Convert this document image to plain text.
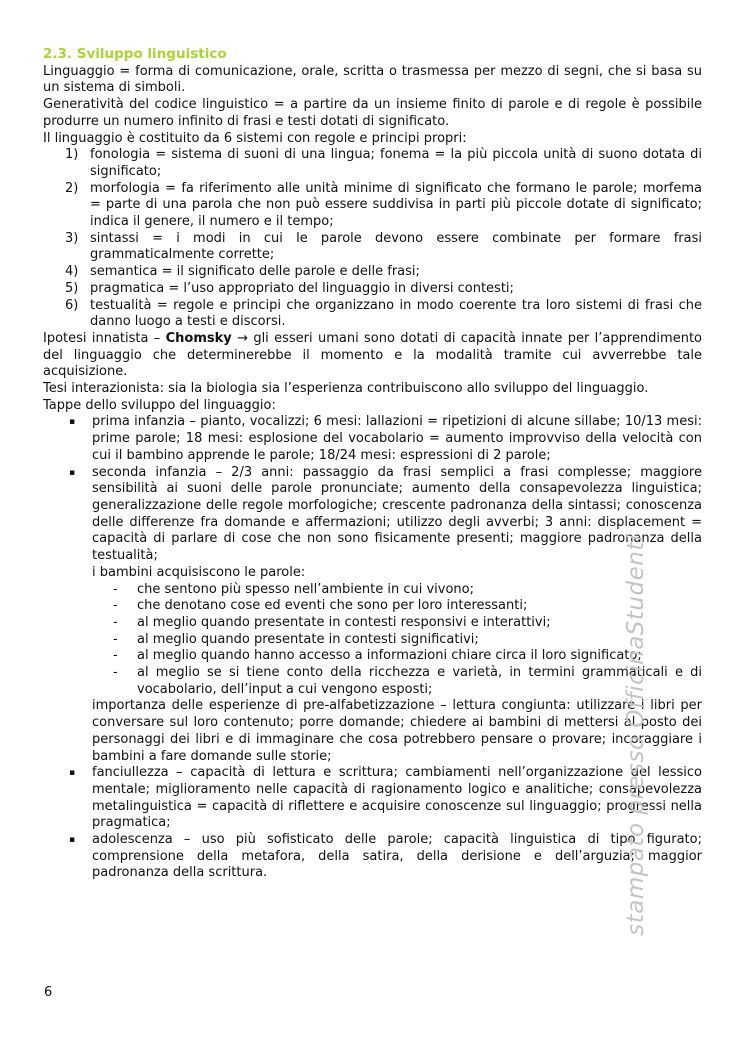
2.3. Sviluppo linguistico

Linguaggio = forma di comunicazione, orale, scritta o trasmessa per mezzo di segni, che si basa su un sistema di simboli.

Generatività del codice linguistico = a partire da un insieme finito di parole e di regole è possibile produrre un numero infinito di frasi e testi dotati di significato.

Il linguaggio è costituito da 6 sistemi con regole e principi propri:

1) fonologia = sistema di suoni di una lingua; fonema = la più piccola unità di suono dotata di significato;
2) morfologia = fa riferimento alle unità minime di significato che formano le parole; morfema = parte di una parola che non può essere suddivisa in parti più piccole dotate di significato; indica il genere, il numero e il tempo;
3) sintassi = i modi in cui le parole devono essere combinate per formare frasi grammaticalmente corrette;
4) semantica = il significato delle parole e delle frasi;
5) pragmatica = l’uso appropriato del linguaggio in diversi contesti;
6) testualità = regole e principi che organizzano in modo coerente tra loro sistemi di frasi che danno luogo a testi e discorsi.

Ipotesi innatista – Chomsky → gli esseri umani sono dotati di capacità innate per l’apprendimento del linguaggio che determinerebbe il momento e la modalità tramite cui avverrebbe tale acquisizione.

Tesi interazionista: sia la biologia sia l’esperienza contribuiscono allo sviluppo del linguaggio.

Tappe dello sviluppo del linguaggio:

▪ prima infanzia – pianto, vocalizzi; 6 mesi: lallazioni = ripetizioni di alcune sillabe; 10/13 mesi: prime parole; 18 mesi: esplosione del vocabolario = aumento improvviso della velocità con cui il bambino apprende le parole; 18/24 mesi: espressioni di 2 parole;
▪ seconda infanzia – 2/3 anni: passaggio da frasi semplici a frasi complesse; maggiore sensibilità ai suoni delle parole pronunciate; aumento della consapevolezza linguistica; generalizzazione delle regole morfologiche; crescente padronanza della sintassi; conoscenza delle differenze fra domande e affermazioni; utilizzo degli avverbi; 3 anni: displacement = capacità di parlare di cose che non sono fisicamente presenti; maggiore padronanza della testualità;

i bambini acquisiscono le parole:

- che sentono più spesso nell’ambiente in cui vivono;
- che denotano cose ed eventi che sono per loro interessanti;
- al meglio quando presentate in contesti responsivi e interattivi;
- al meglio quando presentate in contesti significativi;
- al meglio quando hanno accesso a informazioni chiare circa il loro significato;
- al meglio se si tiene conto della ricchezza e varietà, in termini grammaticali e di vocabolario, dell’input a cui vengono esposti;

importanza delle esperienze di pre-alfabetizzazione – lettura congiunta: utilizzare i libri per conversare sul loro contenuto; porre domande; chiedere ai bambini di mettersi al posto dei personaggi dei libri e di immaginare che cosa potrebbero pensare o provare; incoraggiare i bambini a fare domande sulle storie;

▪ fanciullezza – capacità di lettura e scrittura; cambiamenti nell’organizzazione del lessico mentale; miglioramento nelle capacità di ragionamento logico e analitiche; consapevolezza metalinguistica = capacità di riflettere e acquisire conoscenze sul linguaggio; progressi nella pragmatica;
▪ adolescenza – uso più sofisticato delle parole; capacità linguistica di tipo figurato; comprensione della metafora, della satira, della derisione e dell’arguzia; maggior padronanza della scrittura.	stampato presso OfficinaStudenti
6
